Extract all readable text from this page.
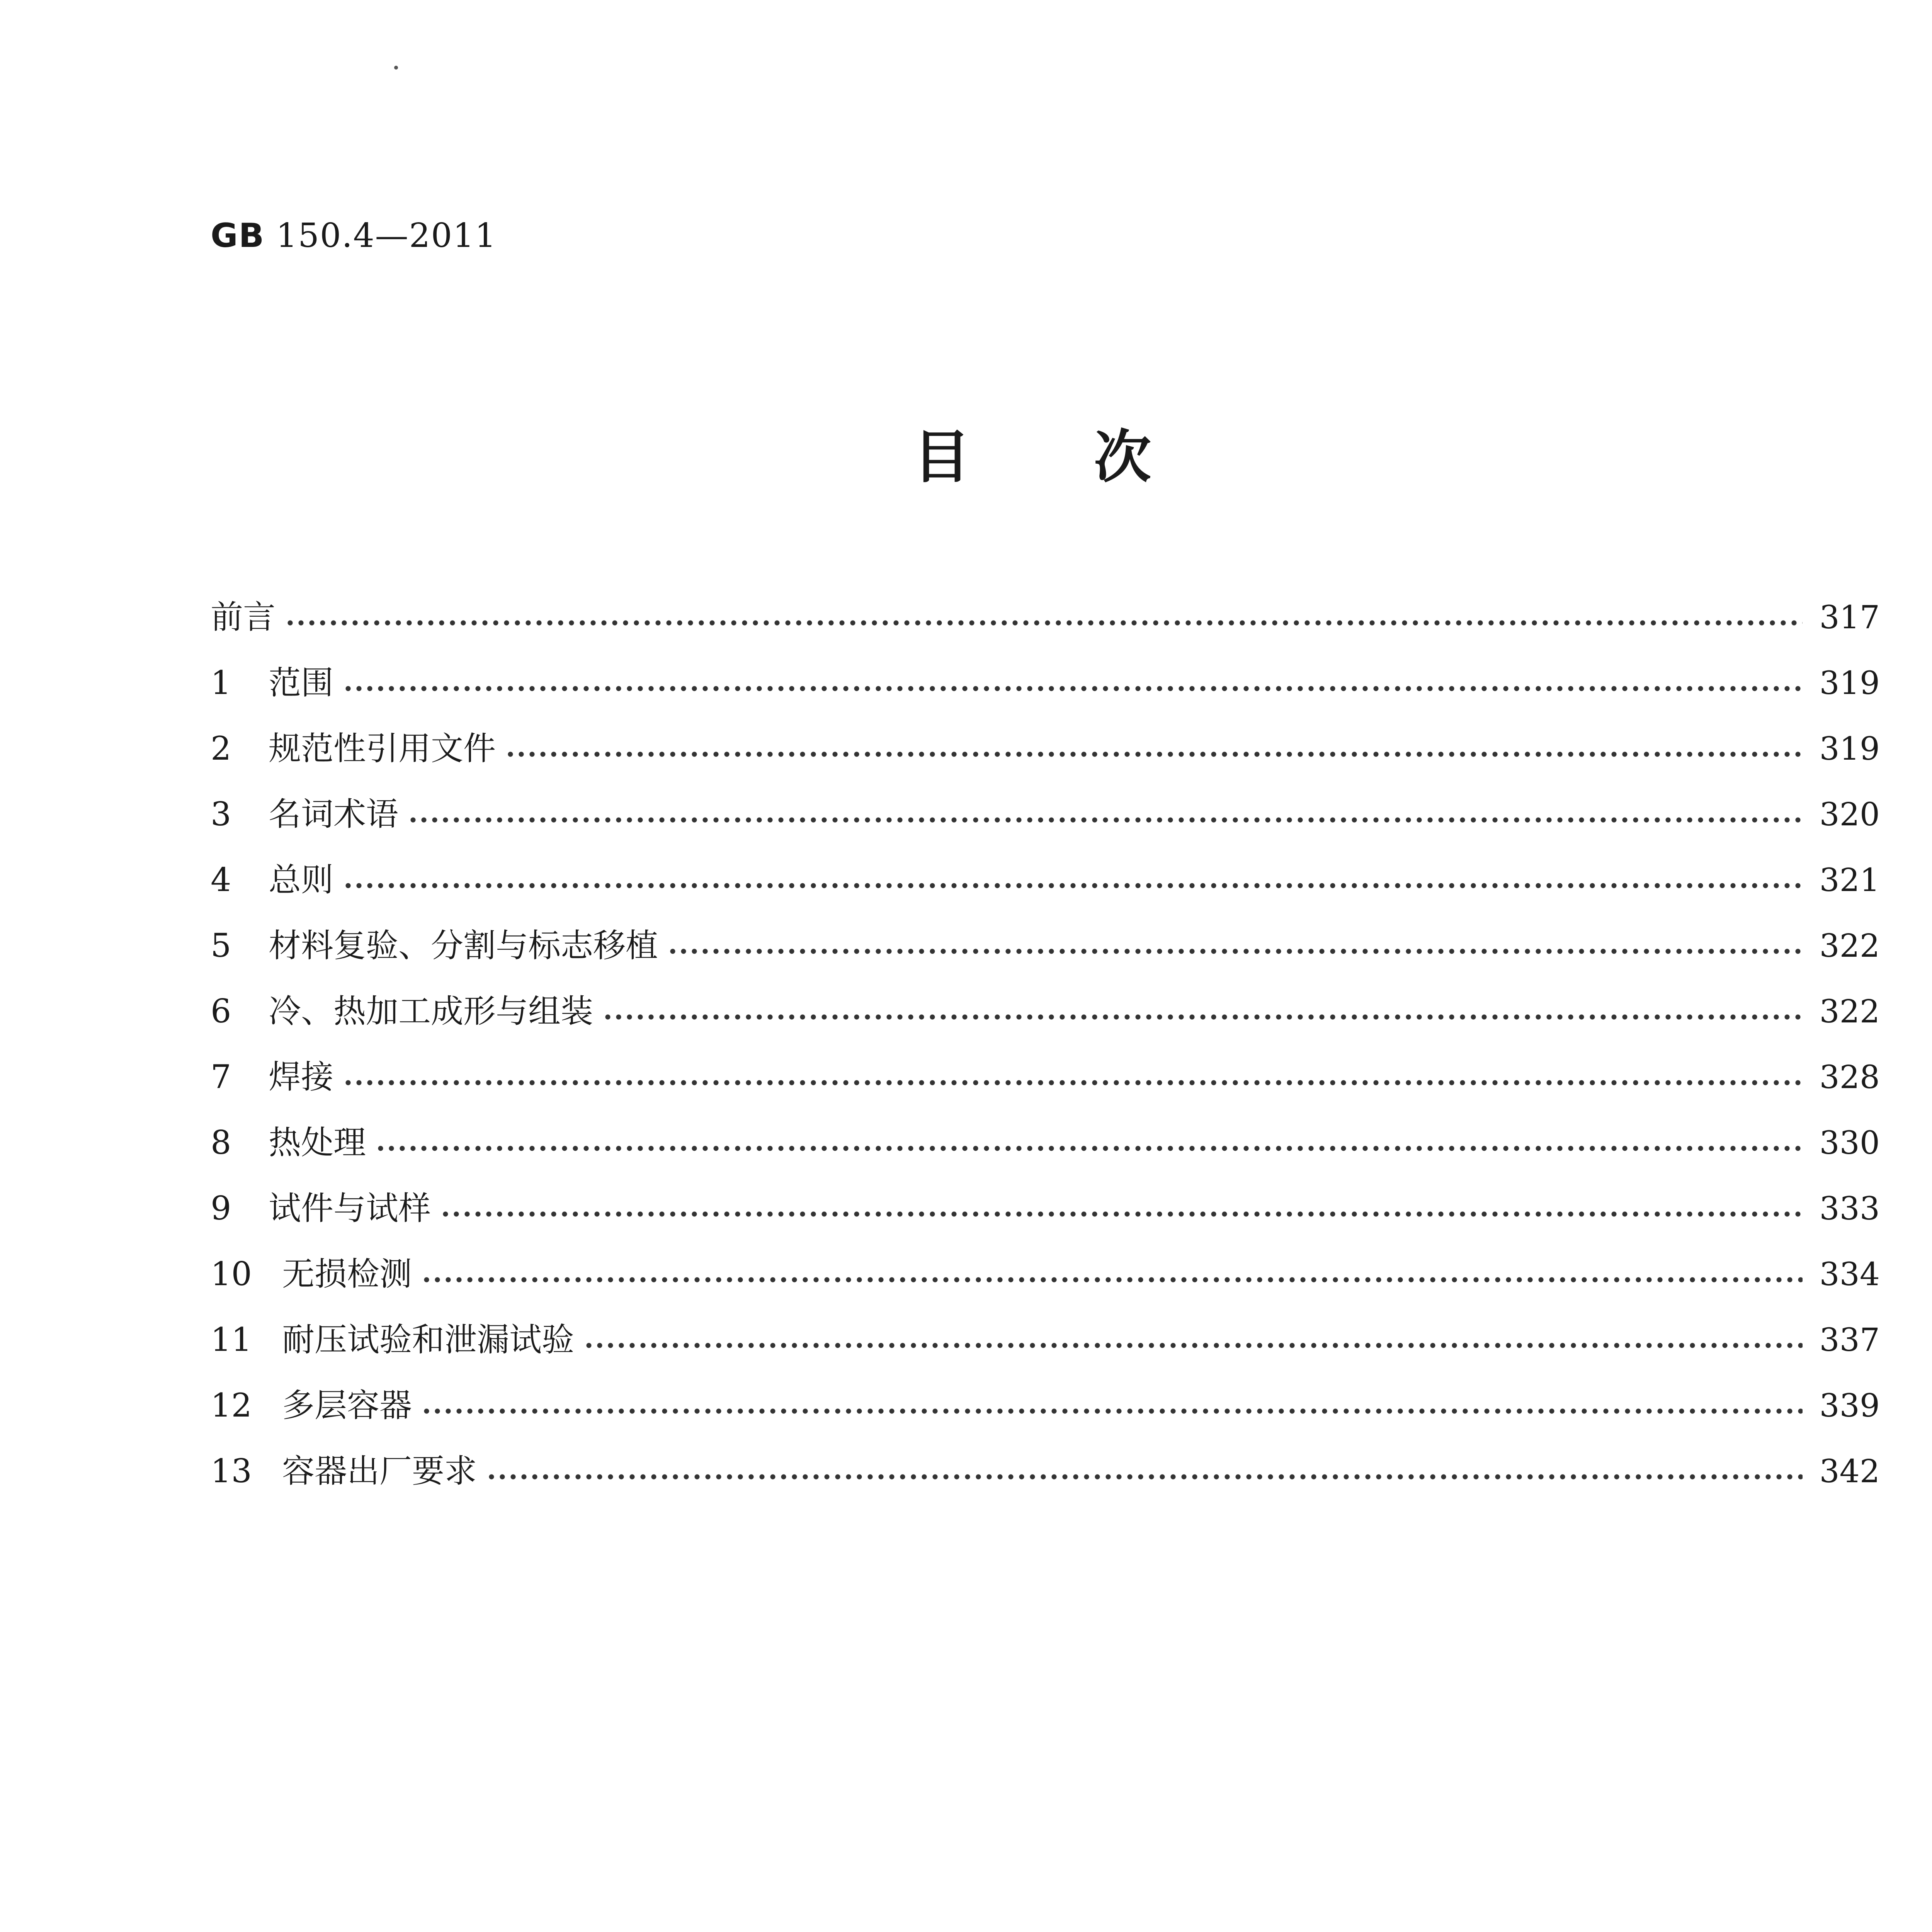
GB 150.4—2011
目次
前言	317
1	范围	319
2	规范性引用文件	319
3	名词术语	320
4	总则	321
5	材料复验、分割与标志移植	322
6	冷、热加工成形与组装	322
7	焊接	328
8	热处理	330
9	试件与试样	333
10 无损检测	334
11 耐压试验和泄漏试验	337
12 多层容器	339
13 容器出厂要求	342
